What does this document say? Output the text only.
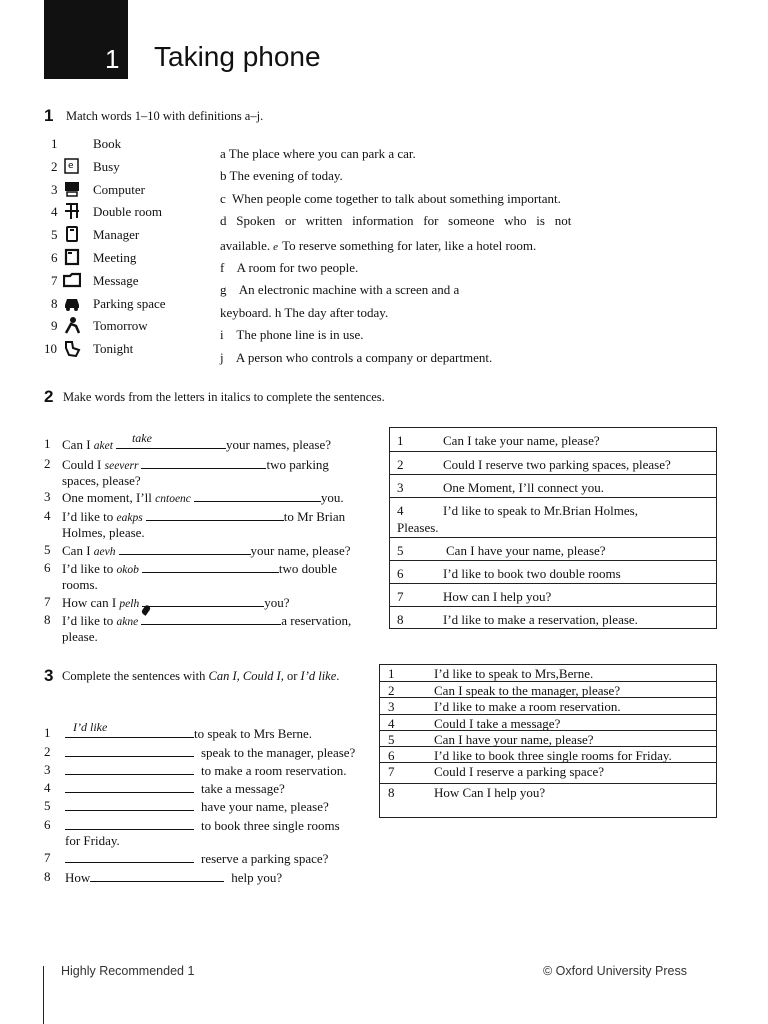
1 Taking phone
1 Match words 1–10 with definitions a–j.
1	Book
2 e Busy
3	Computer
4	Double room
5	Manager
6	Meeting
7	Message
8	Parking space
9	Tomorrow
10	Tonight
a The place where you can park a car.
b The evening of today.
c  When people come together to talk about something important.
d   Spoken   or   written   information   for   someone   who   is   not
available. e To reserve something for later, like a hotel room.
f    A room for two people.
g    An electronic machine with a screen and a
keyboard. h The day after today.
i    The phone line is in use.
j    A person who controls a company or department.
2 Make words from the letters in italics to complete the sentences.
1 Can I aket
take	your names, please?
2 Could I seeverr	two parking
spaces, please?
3 One moment, I’ll cntoenc	you.
4 I’d like to eakps	to Mr Brian
Holmes, please.
5 Can I aevh	your name, please?
6 I’d like to okob	two double
rooms.
7 How can I pelh	you?
8 I’d like to akne	a reservation,
please.
1	Can I take your name, please?
2	Could I reserve two parking spaces, please?
3	One Moment, I’ll connect you.
4	I’d like to speak to Mr.Brian Holmes,
Pleases.
5	Can I have your name, please?
6	I’d like to book two double rooms
7	How can I help you?
8	I’d like to make a reservation, please.
3 Complete the sentences with Can I, Could I, or I’d like.
1 I’d like	to speak to Mrs Berne.
2	speak to the manager, please?
3	to make a room reservation.
4	take a message?
5	have your name, please?
6	to book three single rooms
for Friday.
7	reserve a parking space?
8 How	help you?
1	I’d like to speak to Mrs,Berne.
2	Can I speak to the manager, please?
3	I’d like to make a room reservation.
4	Could I take a message?
5	Can I have your name, please?
6	I’d like to book three single rooms for Friday.
7	Could I reserve a parking space?
8	How Can I help you?
Highly Recommended 1	© Oxford University Press
